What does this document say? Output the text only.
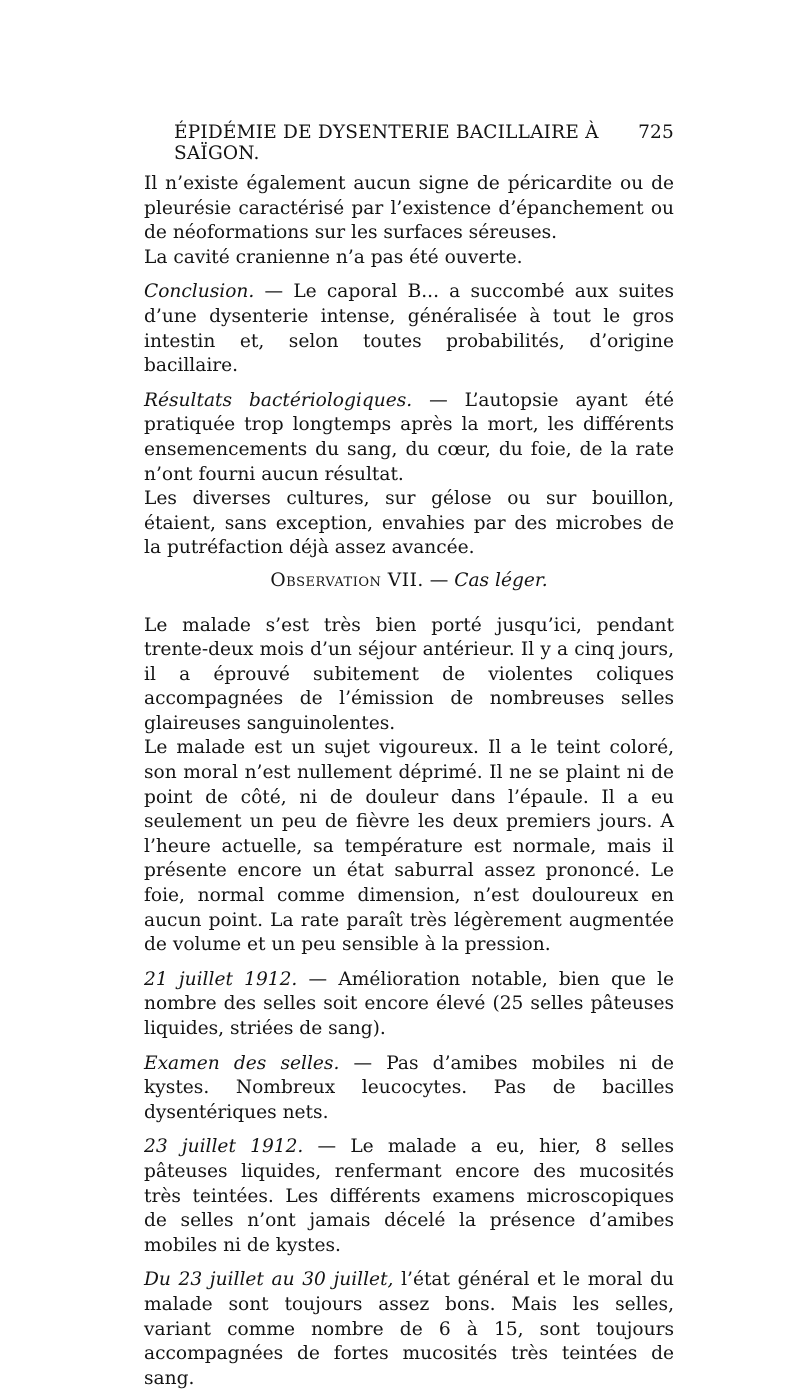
ÉPIDÉMIE DE DYSENTERIE BACILLAIRE À SAÏGON.
725

Il n’existe également aucun signe de péricardite ou de pleurésie caractérisé par l’existence d’épanchement ou de néoformations sur les surfaces séreuses.

La cavité cranienne n’a pas été ouverte.

Conclusion. — Le caporal B... a succombé aux suites d’une dysenterie intense, généralisée à tout le gros intestin et, selon toutes probabilités, d’origine bacillaire.

Résultats bactériologiques. — L’autopsie ayant été pratiquée trop longtemps après la mort, les différents ensemencements du sang, du cœur, du foie, de la rate n’ont fourni aucun résultat.

Les diverses cultures, sur gélose ou sur bouillon, étaient, sans exception, envahies par des microbes de la putréfaction déjà assez avancée.

Observation VII. — Cas léger.

Le malade s’est très bien porté jusqu’ici, pendant trente-deux mois d’un séjour antérieur. Il y a cinq jours, il a éprouvé subitement de violentes coliques accompagnées de l’émission de nombreuses selles glaireuses sanguinolentes.

Le malade est un sujet vigoureux. Il a le teint coloré, son moral n’est nullement déprimé. Il ne se plaint ni de point de côté, ni de douleur dans l’épaule. Il a eu seulement un peu de fièvre les deux premiers jours. A l’heure actuelle, sa température est normale, mais il présente encore un état saburral assez prononcé. Le foie, normal comme dimension, n’est douloureux en aucun point. La rate paraît très légèrement augmentée de volume et un peu sensible à la pression.

21 juillet 1912. — Amélioration notable, bien que le nombre des selles soit encore élevé (25 selles pâteuses liquides, striées de sang).

Examen des selles. — Pas d’amibes mobiles ni de kystes. Nombreux leucocytes. Pas de bacilles dysentériques nets.

23 juillet 1912. — Le malade a eu, hier, 8 selles pâteuses liquides, renfermant encore des mucosités très teintées. Les différents examens microscopiques de selles n’ont jamais décelé la présence d’amibes mobiles ni de kystes.

Du 23 juillet au 30 juillet, l’état général et le moral du malade sont toujours assez bons. Mais les selles, variant comme nombre de 6 à 15, sont toujours accompagnées de fortes mucosités très teintées de sang.
